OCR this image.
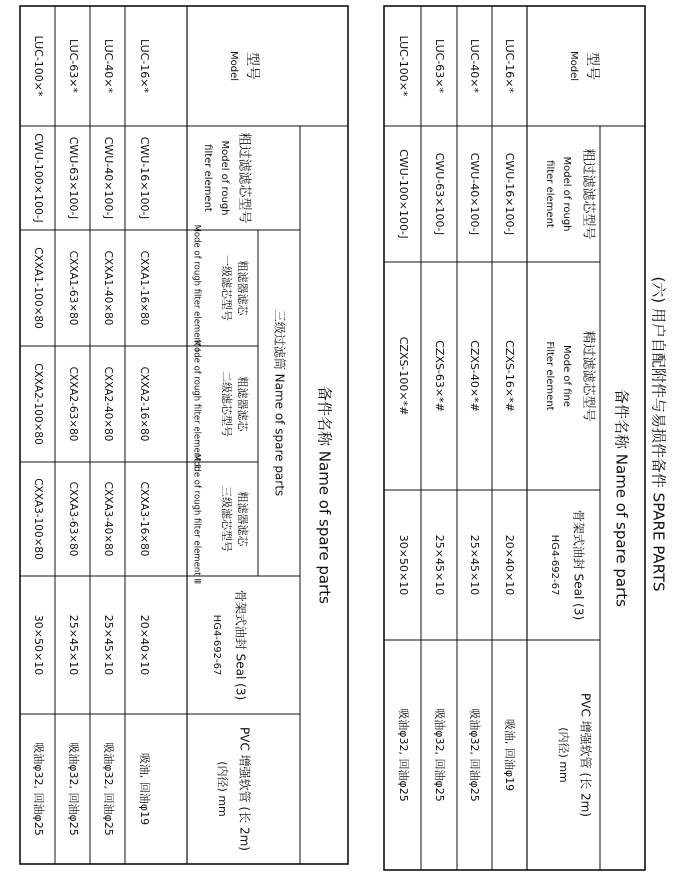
(六) 用户自配附件与易损件备件 SPARE PARTS
型号
Model
备件名称 Name of spare parts
粗过滤滤芯型号
Model of rough
filter element
精过滤滤芯型号
Mode of fine
Filter element
骨架式油封 Seal (3)
HG4-692-67
PVC 增强软管 (长 2m)
(内径) mm
LUC-16×*
CWU-16×100-J
CZXS-16×*#
20×40×10
吸油, 回油φ19
LUC-40×*
CWU-40×100-J
CZXS-40×*#
25×45×10
吸油φ32, 回油φ25
LUC-63×*
CWU-63×100-J
CZXS-63×*#
25×45×10
吸油φ32, 回油φ25
LUC-100×*
CWU-100×100-J
CZXS-100×*#
30×50×10
吸油φ32, 回油φ25
型号
Model
备件名称 Name of spare parts
三级过滤筒 Name of spare parts
粗过滤滤芯型号
Model of rough
filter element
粗滤器滤芯
一级滤芯型号
Mode of rough filter element Ⅰ
粗滤器滤芯
二级滤芯型号
Mode of rough filter element Ⅱ
粗滤器滤芯
三级滤芯型号
Mode of rough filter element Ⅲ
骨架式油封 Seal (3)
HG4-692-67
PVC 增强软管 (长 2m)
(内径) mm
LUC-16×*
CWU-16×100-J
CXXA1-16×80
CXXA2-16×80
CXXA3-16×80
20×40×10
吸油, 回油φ19
LUC-40×*
CWU-40×100-J
CXXA1-40×80
CXXA2-40×80
CXXA3-40×80
25×45×10
吸油φ32, 回油φ25
LUC-63×*
CWU-63×100-J
CXXA1-63×80
CXXA2-63×80
CXXA3-63×80
25×45×10
吸油φ32, 回油φ25
LUC-100×*
CWU-100×100-J
CXXA1-100×80
CXXA2-100×80
CXXA3-100×80
30×50×10
吸油φ32, 回油φ25
